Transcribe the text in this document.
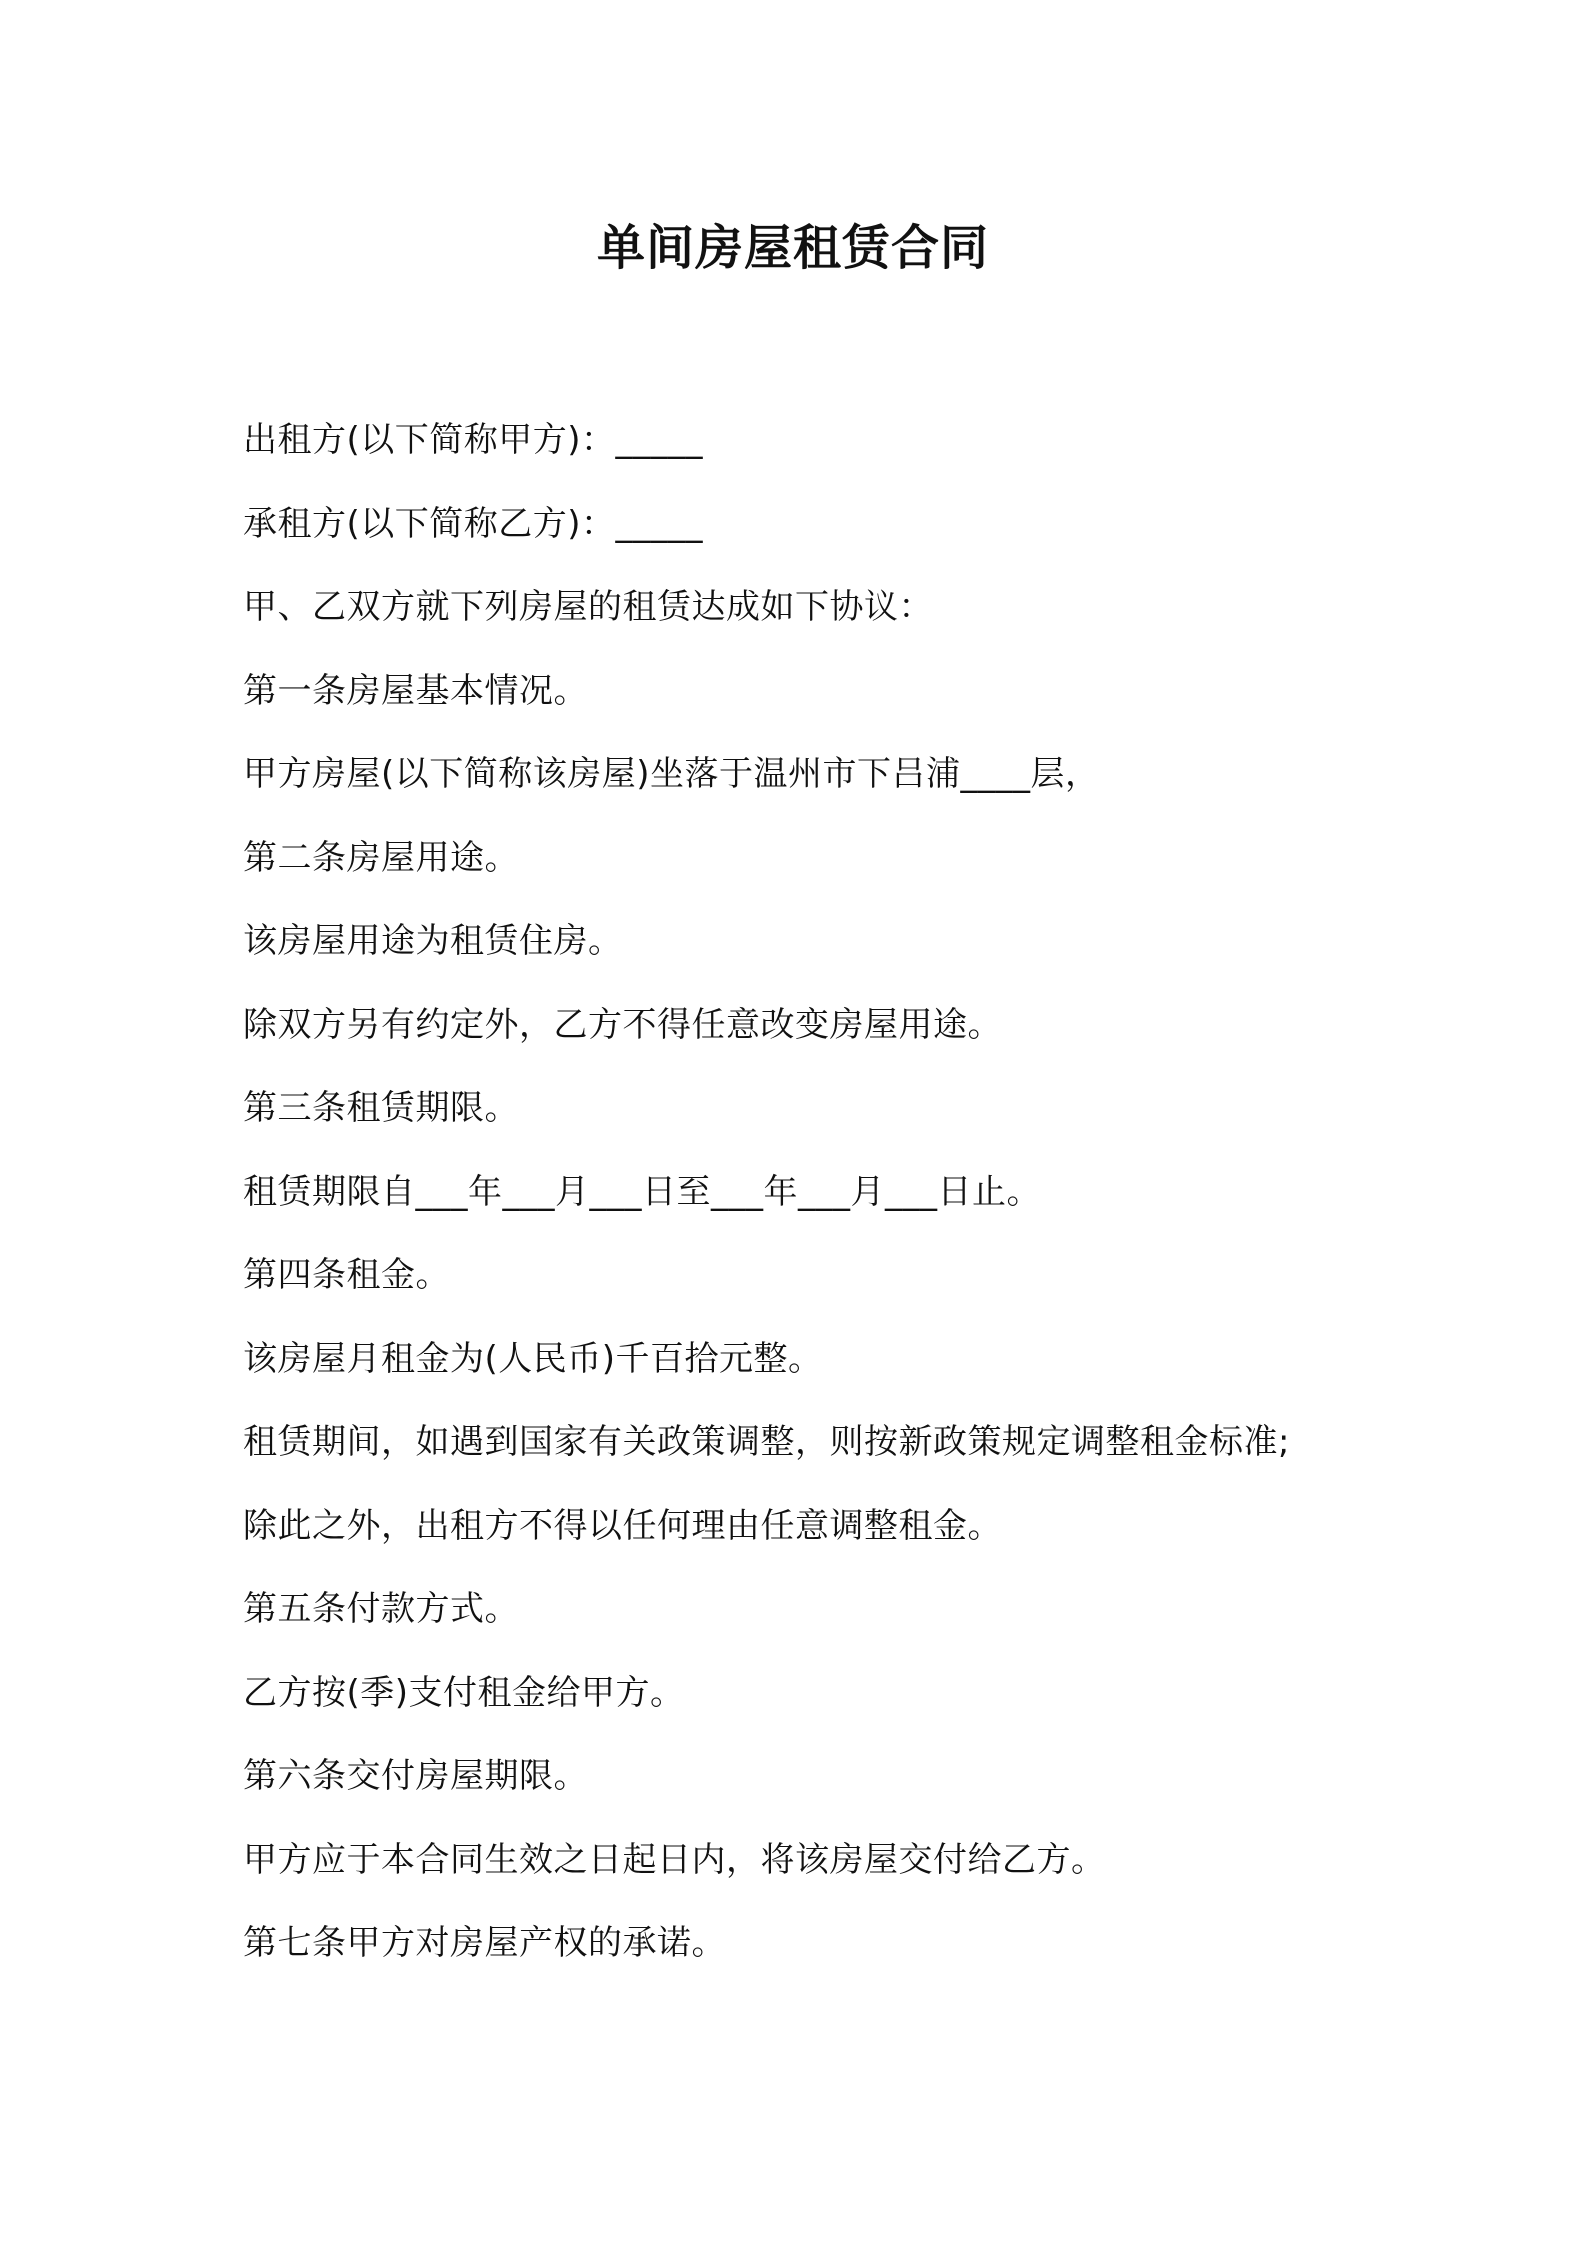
单间房屋租赁合同

出租方(以下简称甲方)：_____

承租方(以下简称乙方)：_____

甲、乙双方就下列房屋的租赁达成如下协议：

第一条房屋基本情况。

甲方房屋(以下简称该房屋)坐落于温州市下吕浦____层，

第二条房屋用途。

该房屋用途为租赁住房。

除双方另有约定外，乙方不得任意改变房屋用途。

第三条租赁期限。

租赁期限自___年___月___日至___年___月___日止。

第四条租金。

该房屋月租金为(人民币)千百拾元整。

租赁期间，如遇到国家有关政策调整，则按新政策规定调整租金标准;

除此之外，出租方不得以任何理由任意调整租金。

第五条付款方式。

乙方按(季)支付租金给甲方。

第六条交付房屋期限。

甲方应于本合同生效之日起日内，将该房屋交付给乙方。

第七条甲方对房屋产权的承诺。
